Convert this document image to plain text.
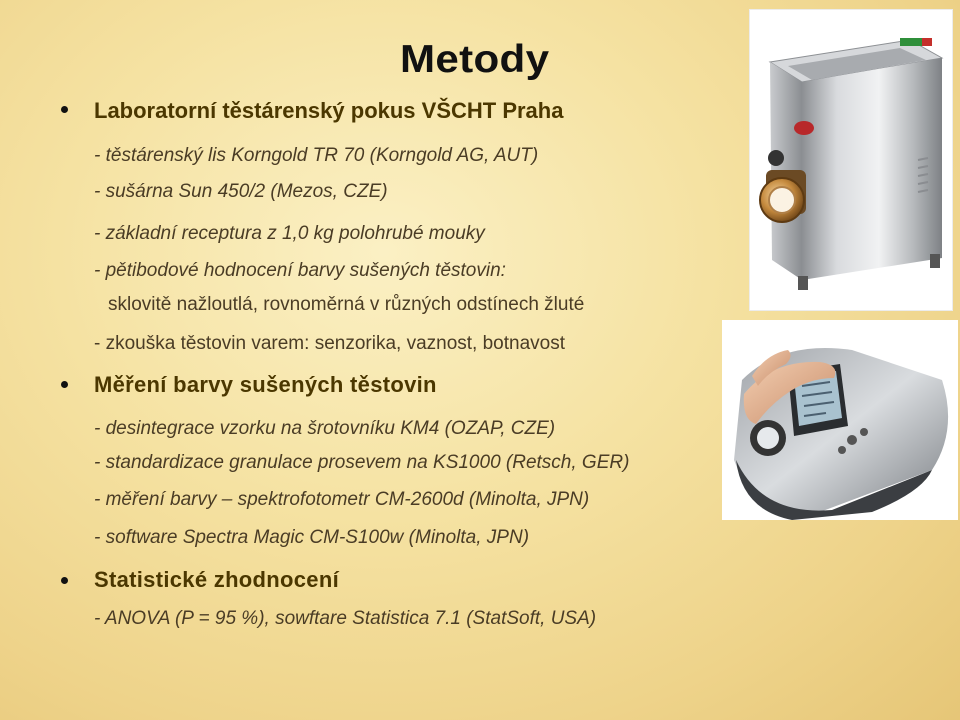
Metody
Laboratorní těstárenský pokus VŠCHT Praha
- těstárenský lis Korngold TR 70 (Korngold AG, AUT)
- sušárna Sun 450/2 (Mezos, CZE)
- základní receptura z 1,0 kg polohrubé mouky
- pětibodové hodnocení barvy sušených těstovin:
sklovitě nažloutlá, rovnoměrná v různých odstínech žluté
- zkouška těstovin varem: senzorika, vaznost, botnavost
Měření barvy sušených těstovin
- desintegrace vzorku na šrotovníku KM4 (OZAP, CZE)
- standardizace granulace prosevem na KS1000 (Retsch, GER)
- měření barvy – spektrofotometr CM-2600d (Minolta, JPN)
- software Spectra Magic CM-S100w (Minolta, JPN)
Statistické zhodnocení
- ANOVA (P = 95 %), sowftare Statistica 7.1 (StatSoft, USA)
